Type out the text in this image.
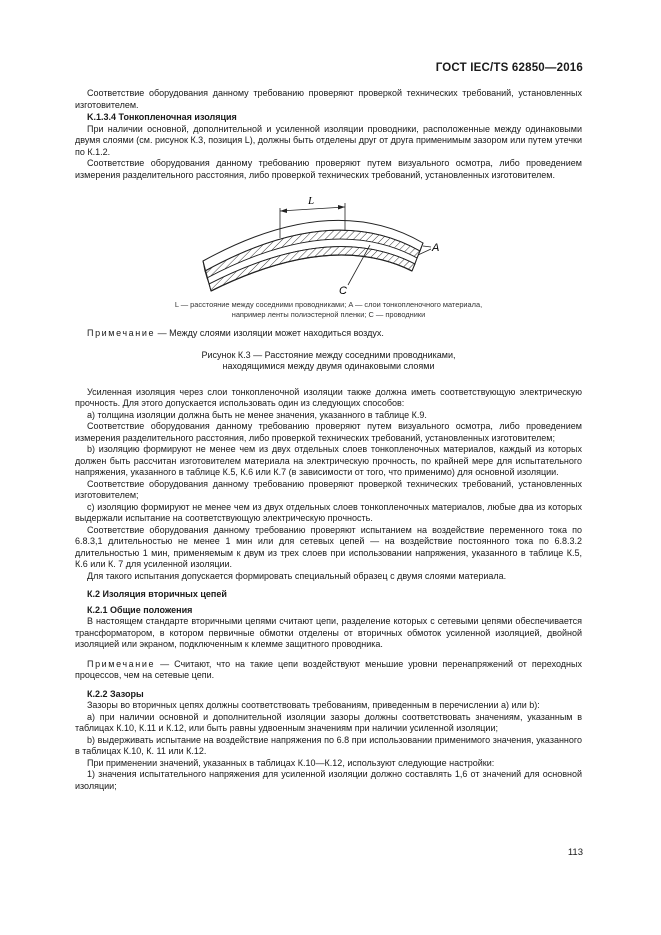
ГОСТ IEC/TS 62850—2016

Соответствие оборудования данному требованию проверяют проверкой технических требований, установленных изготовителем.

K.1.3.4 Тонкопленочная изоляция

При наличии основной, дополнительной и усиленной изоляции проводники, расположенные между одинаковыми двумя слоями (см. рисунок К.3, позиция L), должны быть отделены друг от друга применимым зазором или путем утечки по К.1.2.

Соответствие оборудования данному требованию проверяют путем визуального осмотра, либо проведением измерения разделительного расстояния, либо проверкой технических требований, установленных изготовителем.

L
A
C

L — расстояние между соседними проводниками; A — слои тонкопленочного материала,

например ленты полиэстерной пленки; С — проводники

Примечание — Между слоями изоляции может находиться воздух.

Рисунок К.3 — Расстояние между соседними проводниками,
находящимися между двумя одинаковыми слоями

Усиленная изоляция через слои тонкопленочной изоляции также должна иметь соответствующую электрическую прочность. Для этого допускается использовать один из следующих способов:

a) толщина изоляции должна быть не менее значения, указанного в таблице К.9.

Соответствие оборудования данному требованию проверяют путем визуального осмотра, либо проведением измерения разделительного расстояния, либо проверкой технических требований, установленных изготовителем;

b) изоляцию формируют не менее чем из двух отдельных слоев тонкопленочных материалов, каждый из которых должен быть рассчитан изготовителем материала на электрическую прочность, по крайней мере для испытательного напряжения, указанного в таблице К.5, К.6 или К.7 (в зависимости от того, что применимо) для основной изоляции.

Соответствие оборудования данному требованию проверяют проверкой технических требований, установленных изготовителем;

c) изоляцию формируют не менее чем из двух отдельных слоев тонкопленочных материалов, любые два из которых выдержали испытание на соответствующую электрическую прочность.

Соответствие оборудования данному требованию проверяют испытанием на воздействие переменного тока по 6.8.3,1 длительностью не менее 1 мин или для сетевых цепей — на воздействие постоянного тока по 6.8.3.2 длительностью 1 мин, применяемым к двум из трех слоев при использовании напряжения, указанного в таблице К.5, К.6 или К. 7 для усиленной изоляции.

Для такого испытания допускается формировать специальный образец с двумя слоями материала.

К.2 Изоляция вторичных цепей

К.2.1 Общие положения

В настоящем стандарте вторичными цепями считают цепи, разделение которых с сетевыми цепями обеспечивается трансформатором, в котором первичные обмотки отделены от вторичных обмоток усиленной изоляцией, двойной изоляцией или экраном, подключенным к клемме защитного проводника.

Примечание — Считают, что на такие цепи воздействуют меньшие уровни перенапряжений от переходных процессов, чем на сетевые цепи.

К.2.2 Зазоры

Зазоры во вторичных цепях должны соответствовать требованиям, приведенным в перечислении а) или b):

а) при наличии основной и дополнительной изоляции зазоры должны соответствовать значениям, указанным в таблицах К.10, К.11 и К.12, или быть равны удвоенным значениям при наличии усиленной изоляции;

b) выдерживать испытание на воздействие напряжения по 6.8 при использовании применимого значения, указанного в таблицах К.10, К. 11 или К.12.

При применении значений, указанных в таблицах К.10—К.12, используют следующие настройки:

1) значения испытательного напряжения для усиленной изоляции должно составлять 1,6 от значений для основной изоляции;

113
